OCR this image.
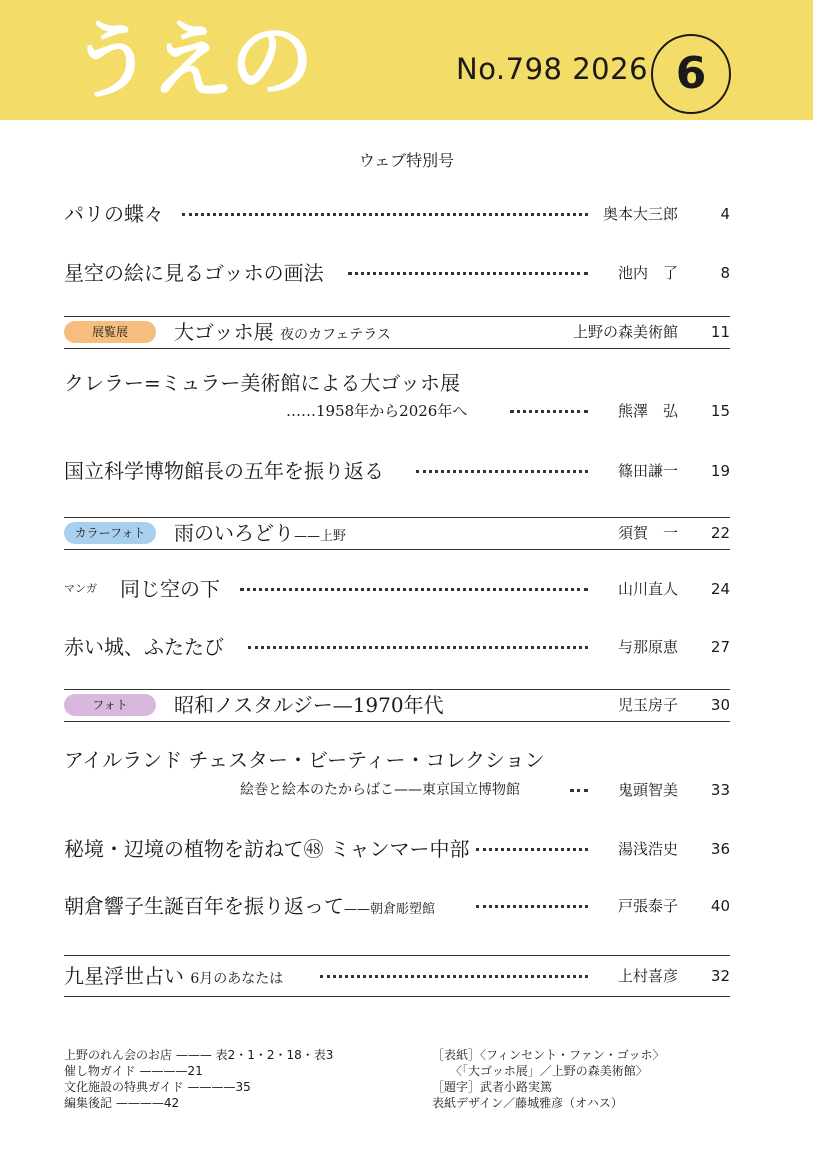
うえの	No.798 2026 6
ウェブ特別号
パリの蝶々	奥本大三郎	4
星空の絵に見るゴッホの画法	池内　了	8
展覧展	大ゴッホ展 夜のカフェテラス	上野の森美術館	11
クレラー=ミュラー美術館による大ゴッホ展
……1958年から2026年へ	熊澤　弘	15
国立科学博物館長の五年を振り返る	篠田謙一	19
カラーフォト	雨のいろどり——上野	須賀　一	22
マンガ 同じ空の下	山川直人	24
赤い城、ふたたび	与那原恵	27
フォト	昭和ノスタルジー—1970年代	児玉房子	30
アイルランド チェスター・ビーティー・コレクション
絵巻と絵本のたからばこ——東京国立博物館	鬼頭智美	33
秘境・辺境の植物を訪ねて㊽ ミャンマー中部	湯浅浩史	36
朝倉響子生誕百年を振り返って——朝倉彫塑館	戸張泰子	40
九星浮世占い 6月のあなたは	上村喜彦	32
上野のれん会のお店 ——— 表2・1・2・18・表3
催し物ガイド ————21
文化施設の特典ガイド ————35
編集後記 ————42
［表紙］〈フィンセント・ファン・ゴッホ〉
　　〈「大ゴッホ展」／上野の森美術館〉
［題字］武者小路実篤
表紙デザイン／藤城雅彦（オハス）
